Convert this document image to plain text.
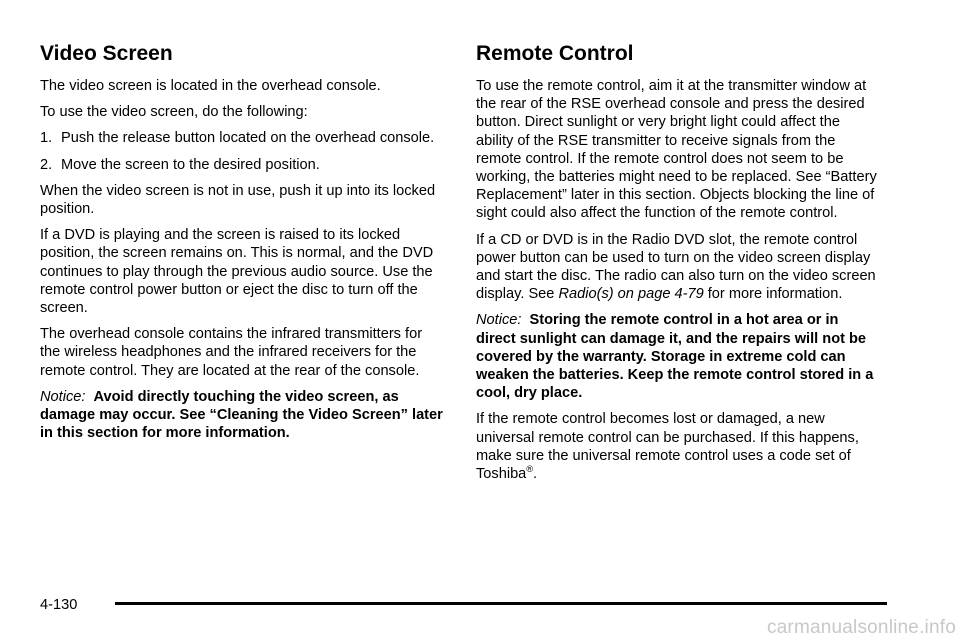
Video Screen

The video screen is located in the overhead console.

To use the video screen, do the following:

1. Push the release button located on the overhead console.
2. Move the screen to the desired position.

When the video screen is not in use, push it up into its locked position.

If a DVD is playing and the screen is raised to its locked position, the screen remains on. This is normal, and the DVD continues to play through the previous audio source. Use the remote control power button or eject the disc to turn off the screen.

The overhead console contains the infrared transmitters for the wireless headphones and the infrared receivers for the remote control. They are located at the rear of the console.

Notice: Avoid directly touching the video screen, as damage may occur. See “Cleaning the Video Screen” later in this section for more information.

Remote Control

To use the remote control, aim it at the transmitter window at the rear of the RSE overhead console and press the desired button. Direct sunlight or very bright light could affect the ability of the RSE transmitter to receive signals from the remote control. If the remote control does not seem to be working, the batteries might need to be replaced. See “Battery Replacement” later in this section. Objects blocking the line of sight could also affect the function of the remote control.

If a CD or DVD is in the Radio DVD slot, the remote control power button can be used to turn on the video screen display and start the disc. The radio can also turn on the video screen display. See Radio(s) on page 4-79 for more information.

Notice: Storing the remote control in a hot area or in direct sunlight can damage it, and the repairs will not be covered by the warranty. Storage in extreme cold can weaken the batteries. Keep the remote control stored in a cool, dry place.

If the remote control becomes lost or damaged, a new universal remote control can be purchased. If this happens, make sure the universal remote control uses a code set of Toshiba®.

4-130
carmanualsonline.info
